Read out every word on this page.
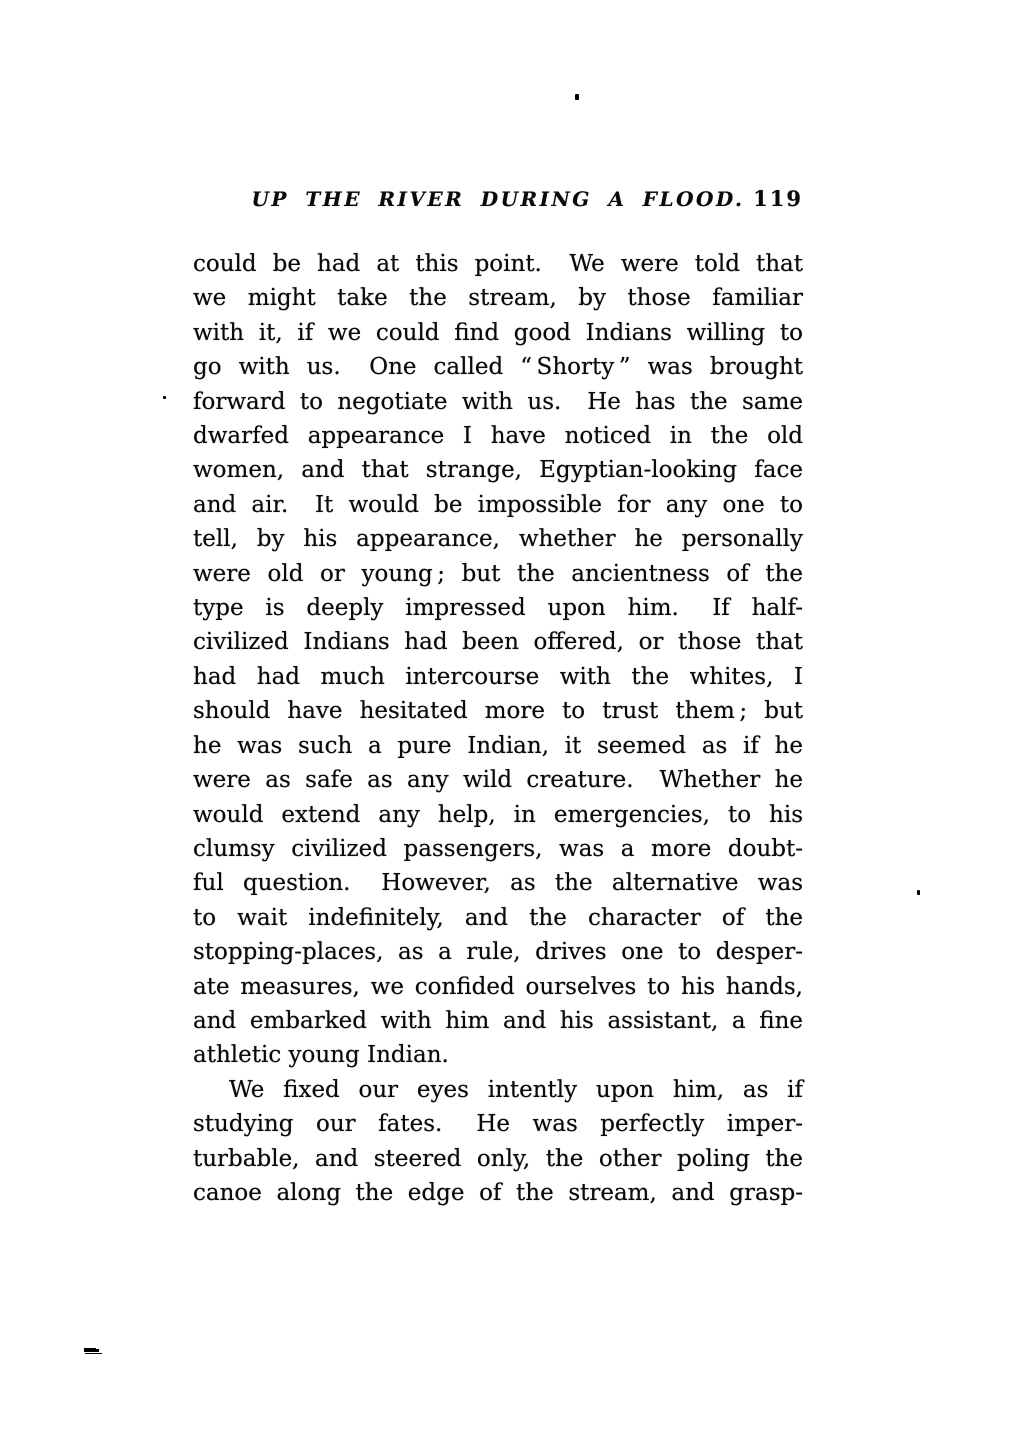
UP THE RIVER DURING A FLOOD. 119
could be had at this point.  We were told that
we might take the stream, by those familiar
with it, if we could find good Indians willing to
go with us.  One called “ Shorty ” was brought
forward to negotiate with us.  He has the same
dwarfed appearance I have noticed in the old
women, and that strange, Egyptian-looking face
and air.  It would be impossible for any one to
tell, by his appearance, whether he personally
were old or young ; but the ancientness of the
type is deeply impressed upon him.  If half-
civilized Indians had been offered, or those that
had had much intercourse with the whites, I
should have hesitated more to trust them ; but
he was such a pure Indian, it seemed as if he
were as safe as any wild creature.  Whether he
would extend any help, in emergencies, to his
clumsy civilized passengers, was a more doubt-
ful question.  However, as the alternative was
to wait indefinitely, and the character of the
stopping-places, as a rule, drives one to desper-
ate measures, we confided ourselves to his hands,
and embarked with him and his assistant, a fine
athletic young Indian.
We fixed our eyes intently upon him, as if
studying our fates.  He was perfectly imper-
turbable, and steered only, the other poling the
canoe along the edge of the stream, and grasp-
